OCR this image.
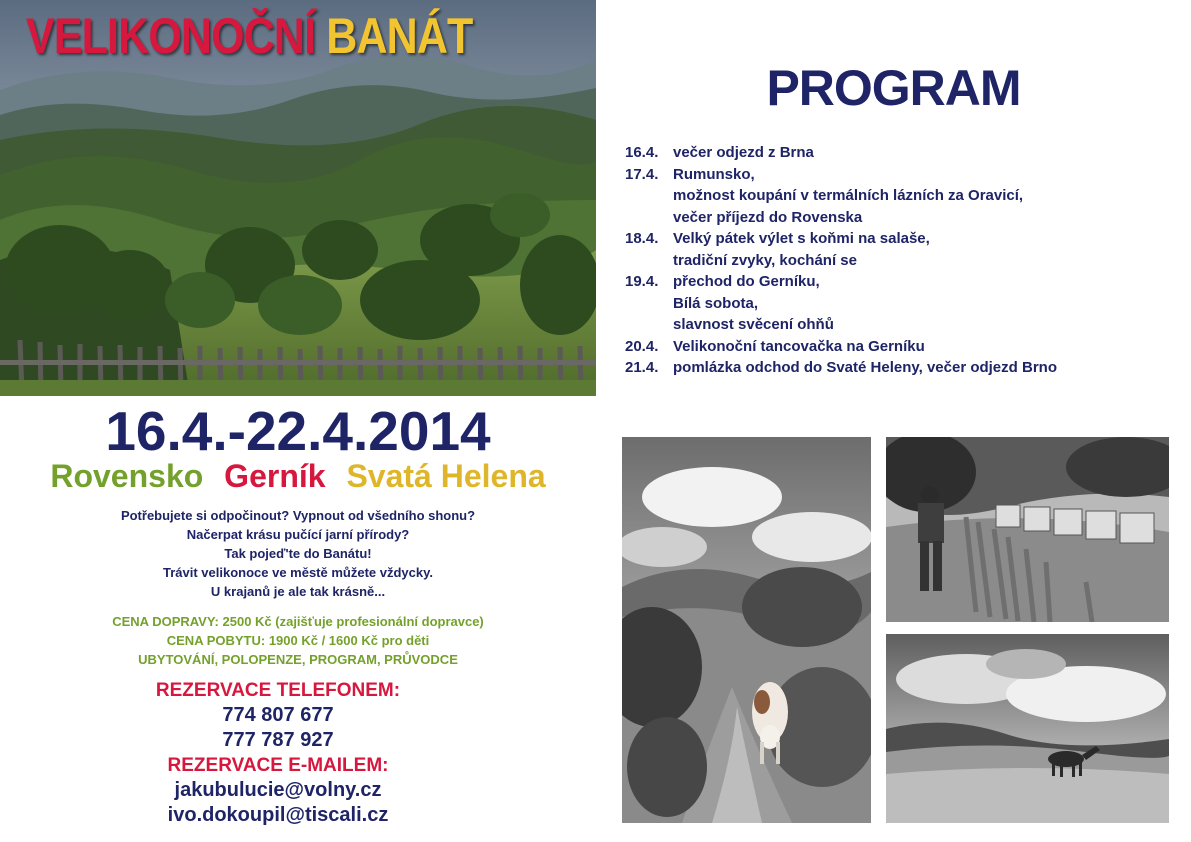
VELIKONOČNÍ BANÁT
16.4.-22.4.2014
Rovensko Gerník Svatá Helena
Potřebujete si odpočinout? Vypnout od všedního shonu?
Načerpat krásu pučící jarní přírody?
Tak pojeď'te do Banátu!
Trávit velikonoce ve městě můžete vždycky.
U krajanů je ale tak krásně...
CENA DOPRAVY: 2500 Kč (zajišťuje profesionální dopravce)
CENA POBYTU: 1900 Kč / 1600 Kč pro děti
UBYTOVÁNÍ, POLOPENZE, PROGRAM, PRŮVODCE
REZERVACE TELEFONEM:
774 807 677
777 787 927
REZERVACE E-MAILEM:
jakubulucie@volny.cz
ivo.dokoupil@tiscali.cz
PROGRAM
16.4. večer odjezd z Brna
17.4. Rumunsko,
možnost koupání v termálních lázních za Oravicí,
večer příjezd do Rovenska
18.4. Velký pátek výlet s koňmi na salaše,
tradiční zvyky, kochání se
19.4. přechod do Gerníku,
Bílá sobota,
slavnost svěcení ohňů
20.4. Velikonoční tancovačka na Gerníku
21.4. pomlázka odchod do Svaté Heleny, večer odjezd Brno
